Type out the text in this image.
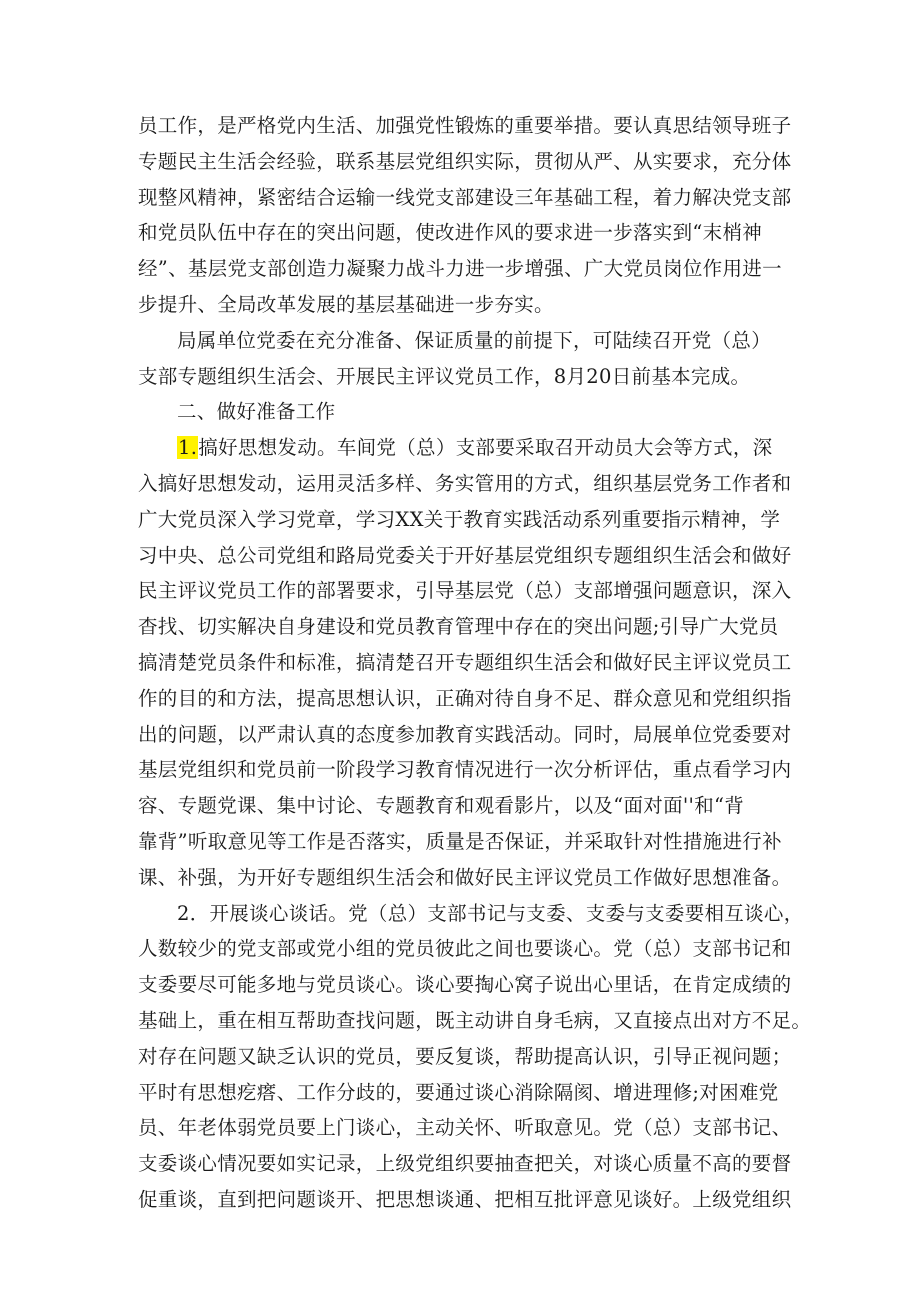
员工作，是严格党内生活、加强党性锻炼的重要举措。要认真思结领导班子
专题民主生活会经验，联系基层党组织实际，贯彻从严、从实要求，充分体
现整风精神，紧密结合运输一线党支部建设三年基础工程，着力解决党支部
和党员队伍中存在的突出问题，使改进作风的要求进一步落实到“末梢神
经”、基层党支部创造力凝聚力战斗力进一步增强、广大党员岗位作用进一
步提升、全局改革发展的基层基础进一步夯实。
局属单位党委在充分准备、保证质量的前提下，可陆续召开党（总）
支部专题组织生活会、开展民主评议党员工作，8月20日前基本完成。
二、做好准备工作
1.搞好思想发动。车间党（总）支部要采取召开动员大会等方式，深
入搞好思想发动，运用灵活多样、务实管用的方式，组织基层党务工作者和
广大党员深入学习党章，学习XX关于教育实践活动系列重要指示精神，学
习中央、总公司党组和路局党委关于开好基层党组织专题组织生活会和做好
民主评议党员工作的部署要求，引导基层党（总）支部增强问题意识，深入
杳找、切实解决自身建设和党员教育管理中存在的突出问题;引导广大党员
搞清楚党员条件和标准，搞清楚召开专题组织生活会和做好民主评议党员工
作的目的和方法，提高思想认识，正确对待自身不足、群众意见和党组织指
出的问题，以严肃认真的态度参加教育实践活动。同时，局展单位党委要对
基层党组织和党员前一阶段学习教育情况进行一次分析评估，重点看学习内
容、专题党课、集中讨论、专题教育和观看影片，以及“面对面''和“背
靠背”听取意见等工作是否落实，质量是否保证，并采取针对性措施进行补
课、补强，为开好专题组织生活会和做好民主评议党员工作做好思想准备。
2．开展谈心谈话。党（总）支部书记与支委、支委与支委要相互谈心，
人数较少的党支部或党小组的党员彼此之间也要谈心。党（总）支部书记和
支委要尽可能多地与党员谈心。谈心要掏心窝子说出心里话，在肯定成绩的
基础上，重在相互帮助查找问题，既主动讲自身毛病，又直接点出对方不足。
对存在问题又缺乏认识的党员，要反复谈，帮助提高认识，引导正视问题；
平时有思想疙瘩、工作分歧的，要通过谈心消除隔阂、增进理修;对困难党
员、年老体弱党员要上门谈心，主动关怀、听取意见。党（总）支部书记、
支委谈心情况要如实记录，上级党组织要抽查把关，对谈心质量不高的要督
促重谈，直到把问题谈开、把思想谈通、把相互批评意见谈好。上级党组织
